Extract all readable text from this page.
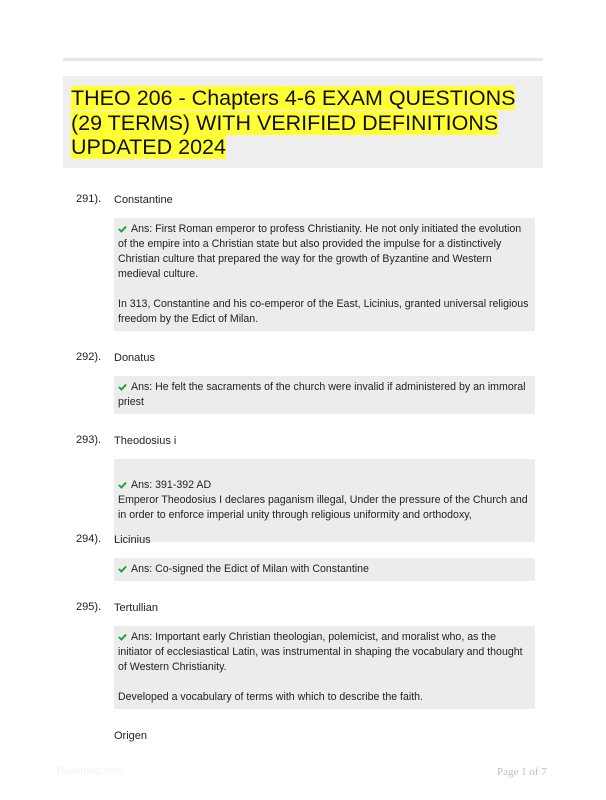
THEO 206 - Chapters 4-6 EXAM QUESTIONS (29 TERMS) WITH VERIFIED DEFINITIONS UPDATED 2024
291). Constantine

Ans: First Roman emperor to profess Christianity. He not only initiated the evolution of the empire into a Christian state but also provided the impulse for a distinctively Christian culture that prepared the way for the growth of Byzantine and Western medieval culture.

In 313, Constantine and his co-emperor of the East, Licinius, granted universal religious freedom by the Edict of Milan.

292). Donatus

Ans: He felt the sacraments of the church were invalid if administered by an immoral priest

293). Theodosius i

Ans: 391-392 AD
Emperor Theodosius I declares paganism illegal, Under the pressure of the Church and in order to enforce imperial unity through religious uniformity and orthodoxy,

294). Licinius

Ans: Co-signed the Edict of Milan with Constantine

295). Tertullian

Ans: Important early Christian theologian, polemicist, and moralist who, as the initiator of ecclesiastical Latin, was instrumental in shaping the vocabulary and thought of Western Christianity.

Developed a vocabulary of terms with which to describe the faith.

Origen
Papertstic.com	Page 1 of 7
